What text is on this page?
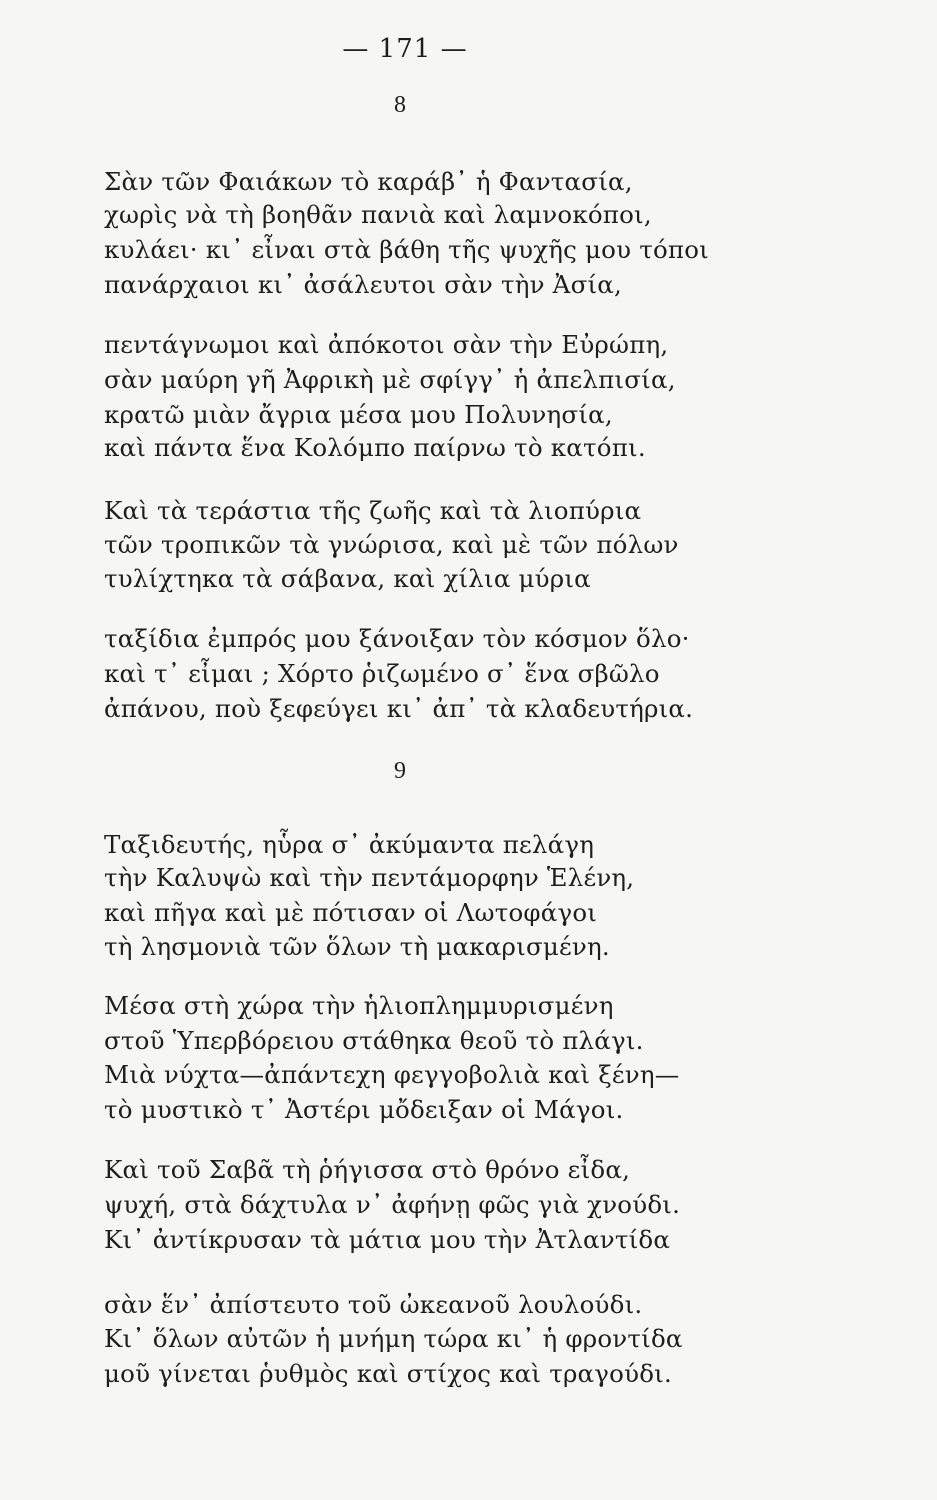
— 171 —
8
Σὰν τῶν Φαιάκων τὸ καράβ᾽ ἡ Φαντασία,
χωρὶς νὰ τὴ βοηθᾶν πανιὰ καὶ λαμνοκόποι,
κυλάει· κι᾽ εἶναι στὰ βάθη τῆς ψυχῆς μου τόποι
πανάρχαιοι κι᾽ ἀσάλευτοι σὰν τὴν Ἀσία,
πεντάγνωμοι καὶ ἀπόκοτοι σὰν τὴν Εὐρώπη,
σὰν μαύρη γῆ Ἀφρικὴ μὲ σφίγγ᾽ ἡ ἀπελπισία,
κρατῶ μιὰν ἄγρια μέσα μου Πολυνησία,
καὶ πάντα ἕνα Κολόμπο παίρνω τὸ κατόπι.
Καὶ τὰ τεράστια τῆς ζωῆς καὶ τὰ λιοπύρια
τῶν τροπικῶν τὰ γνώρισα, καὶ μὲ τῶν πόλων
τυλίχτηκα τὰ σάβανα, καὶ χίλια μύρια
ταξίδια ἐμπρός μου ξάνοιξαν τὸν κόσμον ὅλο·
καὶ τ᾽ εἶμαι ; Χόρτο ῥιζωμένο σ᾽ ἕνα σβῶλο
ἀπάνου, ποὺ ξεφεύγει κι᾽ ἀπ᾽ τὰ κλαδευτήρια.
9
Ταξιδευτής, ηὗρα σ᾽ ἀκύμαντα πελάγη
τὴν Καλυψὼ καὶ τὴν πεντάμορφην Ἑλένη,
καὶ πῆγα καὶ μὲ πότισαν οἱ Λωτοφάγοι
τὴ λησμονιὰ τῶν ὅλων τὴ μακαρισμένη.
Μέσα στὴ χώρα τὴν ἡλιοπλημμυρισμένη
στοῦ Ὑπερβόρειου στάθηκα θεοῦ τὸ πλάγι.
Μιὰ νύχτα—ἀπάντεχη φεγγοβολιὰ καὶ ξένη—
τὸ μυστικὸ τ᾽ Ἀστέρι μὄδειξαν οἱ Μάγοι.
Καὶ τοῦ Σαβᾶ τὴ ῥήγισσα στὸ θρόνο εἶδα,
ψυχή, στὰ δάχτυλα ν᾽ ἀφήνῃ φῶς γιὰ χνούδι.
Κι᾽ ἀντίκρυσαν τὰ μάτια μου τὴν Ἀτλαντίδα
σὰν ἕν᾽ ἀπίστευτο τοῦ ὠκεανοῦ λουλούδι.
Κι᾽ ὅλων αὐτῶν ἡ μνήμη τώρα κι᾽ ἡ φροντίδα
μοῦ γίνεται ῥυθμὸς καὶ στίχος καὶ τραγούδι.
